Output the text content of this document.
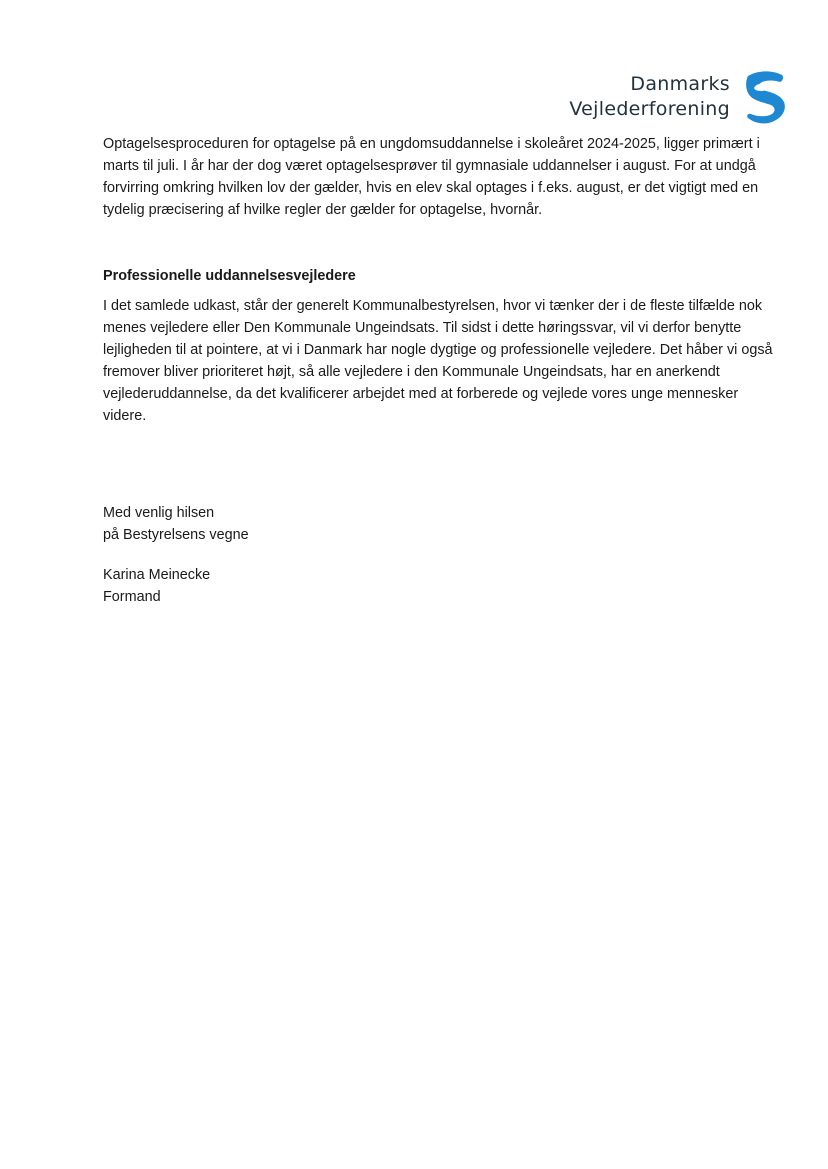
Danmarks
Vejlederforening

Optagelsesproceduren for optagelse på en ungdomsuddannelse i skoleåret 2024-2025, ligger primært i marts til juli. I år har der dog været optagelsesprøver til gymnasiale uddannelser i august. For at undgå forvirring omkring hvilken lov der gælder, hvis en elev skal optages i f.eks. august, er det vigtigt med en tydelig præcisering af hvilke regler der gælder for optagelse, hvornår.

Professionelle uddannelsesvejledere

I det samlede udkast, står der generelt Kommunalbestyrelsen, hvor vi tænker der i de fleste tilfælde nok menes vejledere eller Den Kommunale Ungeindsats. Til sidst i dette høringssvar, vil vi derfor benytte lejligheden til at pointere, at vi i Danmark har nogle dygtige og professionelle vejledere. Det håber vi også fremover bliver prioriteret højt, så alle vejledere i den Kommunale Ungeindsats, har en anerkendt vejlederuddannelse, da det kvalificerer arbejdet med at forberede og vejlede vores unge mennesker videre.

Med venlig hilsen
på Bestyrelsens vegne

Karina Meinecke
Formand
